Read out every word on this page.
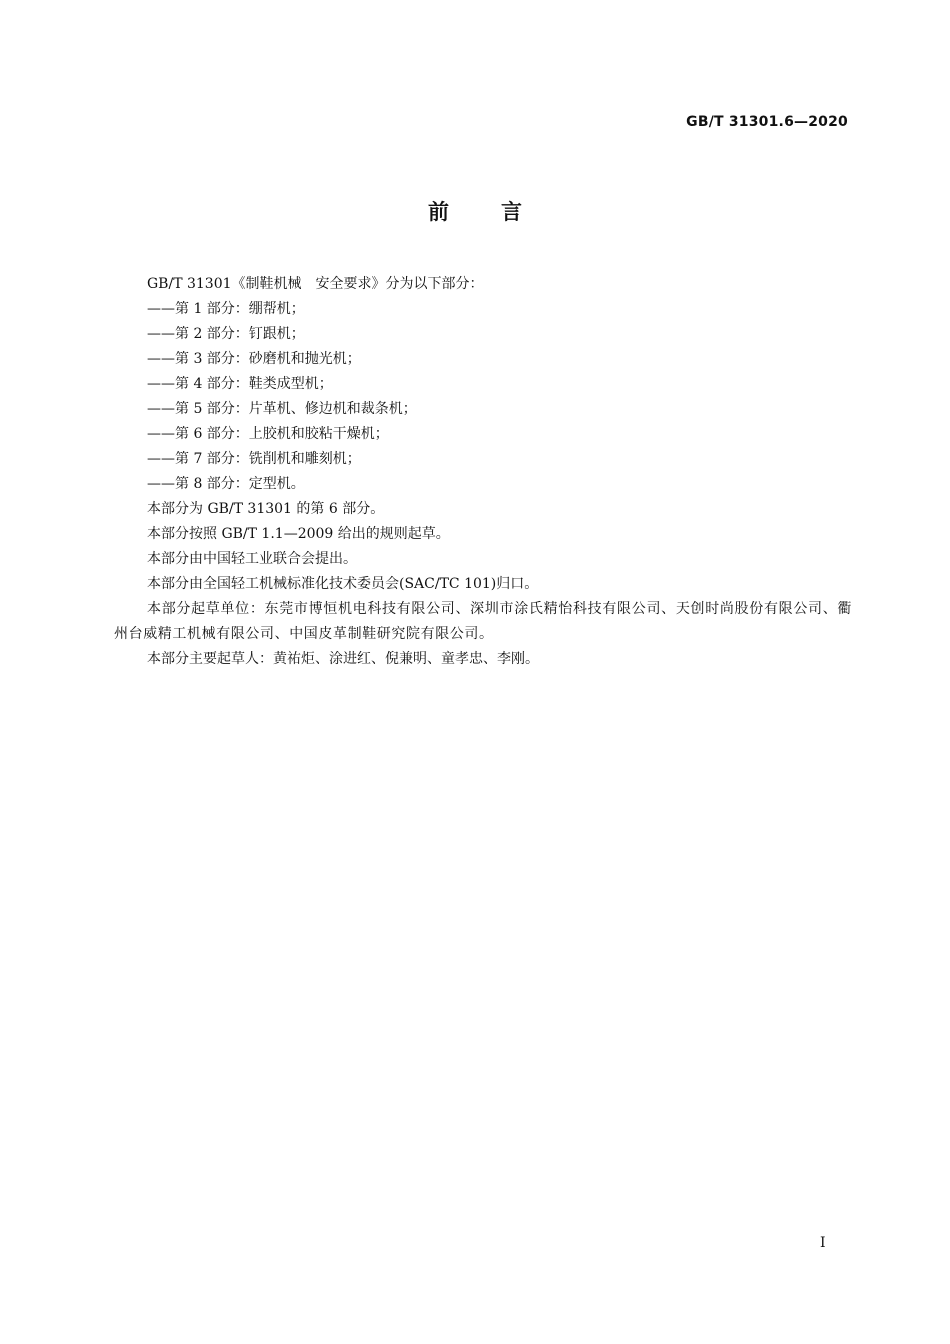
GB/T 31301.6—2020
前言

GB/T 31301《制鞋机械　安全要求》分为以下部分：

——第 1 部分：绷帮机；

——第 2 部分：钉跟机；

——第 3 部分：砂磨机和抛光机；

——第 4 部分：鞋类成型机；

——第 5 部分：片革机、修边机和裁条机；

——第 6 部分：上胶机和胶粘干燥机；

——第 7 部分：铣削机和雕刻机；

——第 8 部分：定型机。

本部分为 GB/T 31301 的第 6 部分。

本部分按照 GB/T 1.1—2009 给出的规则起草。

本部分由中国轻工业联合会提出。

本部分由全国轻工机械标准化技术委员会(SAC/TC 101)归口。

本部分起草单位：东莞市博恒机电科技有限公司、深圳市涂氏精怡科技有限公司、天创时尚股份有限公司、衢州台威精工机械有限公司、中国皮革制鞋研究院有限公司。

本部分主要起草人：黄祐炬、涂进红、倪兼明、童孝忠、李刚。

I
